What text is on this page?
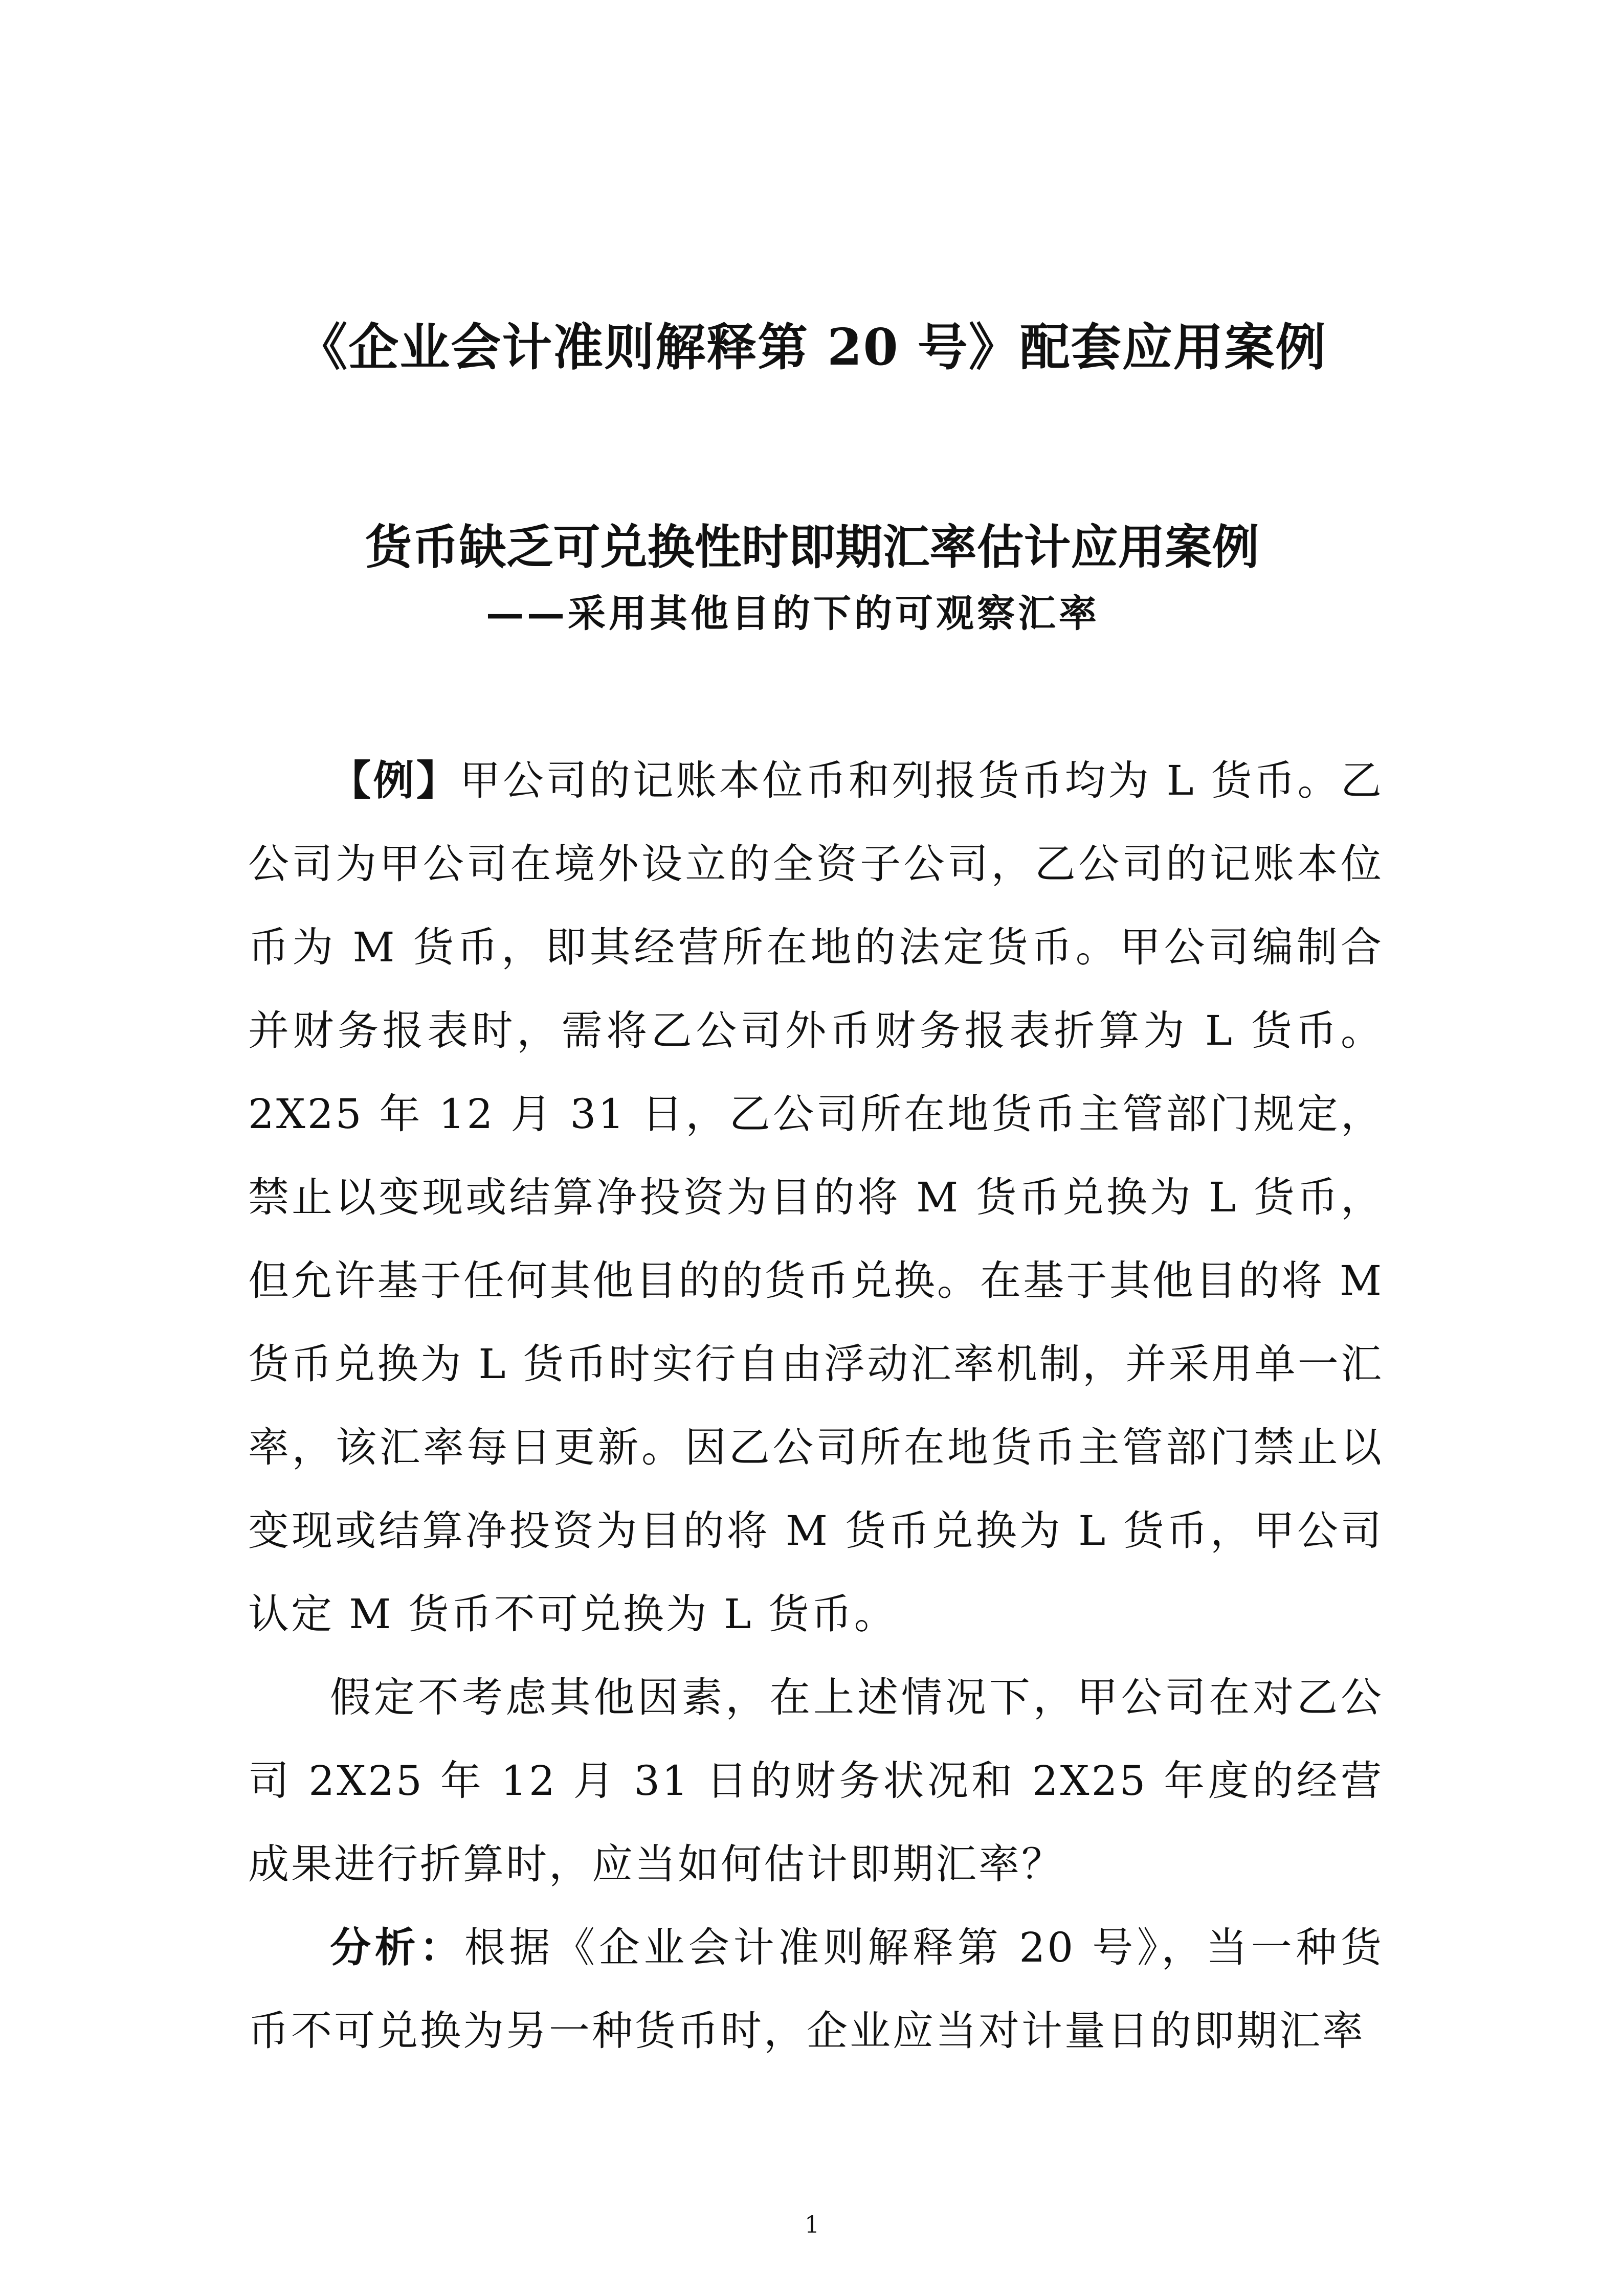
《企业会计准则解释第 20 号》配套应用案例
货币缺乏可兑换性时即期汇率估计应用案例
——采用其他目的下的可观察汇率

【例】甲公司的记账本位币和列报货币均为 L 货币。乙公司为甲公司在境外设立的全资子公司，乙公司的记账本位币为 M 货币，即其经营所在地的法定货币。甲公司编制合并财务报表时，需将乙公司外币财务报表折算为 L 货币。2X25 年 12 月 31 日，乙公司所在地货币主管部门规定，禁止以变现或结算净投资为目的将 M 货币兑换为 L 货币，但允许基于任何其他目的的货币兑换。在基于其他目的将 M 货币兑换为 L 货币时实行自由浮动汇率机制，并采用单一汇率，该汇率每日更新。因乙公司所在地货币主管部门禁止以变现或结算净投资为目的将 M 货币兑换为 L 货币，甲公司认定 M 货币不可兑换为 L 货币。

假定不考虑其他因素，在上述情况下，甲公司在对乙公司 2X25 年 12 月 31 日的财务状况和 2X25 年度的经营成果进行折算时，应当如何估计即期汇率？

分析：根据《企业会计准则解释第 20 号》，当一种货币不可兑换为另一种货币时，企业应当对计量日的即期汇率

1
